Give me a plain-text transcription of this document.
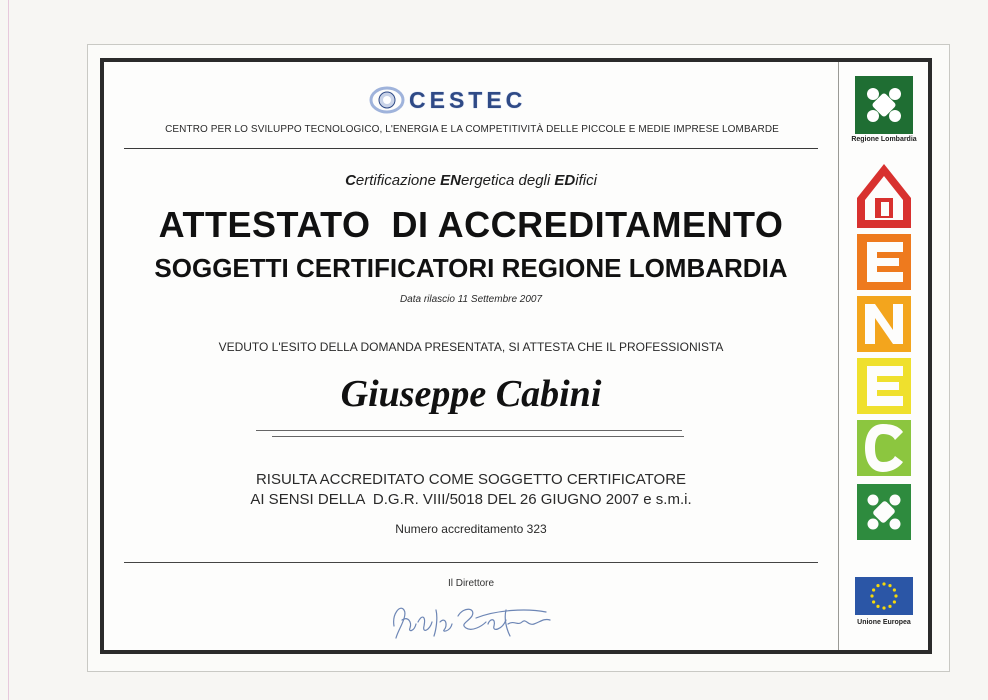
CESTEC
CENTRO PER LO SVILUPPO TECNOLOGICO, L'ENERGIA E LA COMPETITIVITÀ DELLE PICCOLE E MEDIE IMPRESE LOMBARDE
Certificazione ENergetica degli EDifici
ATTESTATO  DI ACCREDITAMENTO
SOGGETTI CERTIFICATORI REGIONE LOMBARDIA
Data rilascio 11 Settembre 2007
VEDUTO L'ESITO DELLA DOMANDA PRESENTATA, SI ATTESTA CHE IL PROFESSIONISTA
Giuseppe Cabini
RISULTA ACCREDITATO COME SOGGETTO CERTIFICATORE
AI SENSI DELLA  D.G.R. VIII/5018 DEL 26 GIUGNO 2007 e s.m.i.
Numero accreditamento 323
Il Direttore
Regione Lombardia
Unione Europea
